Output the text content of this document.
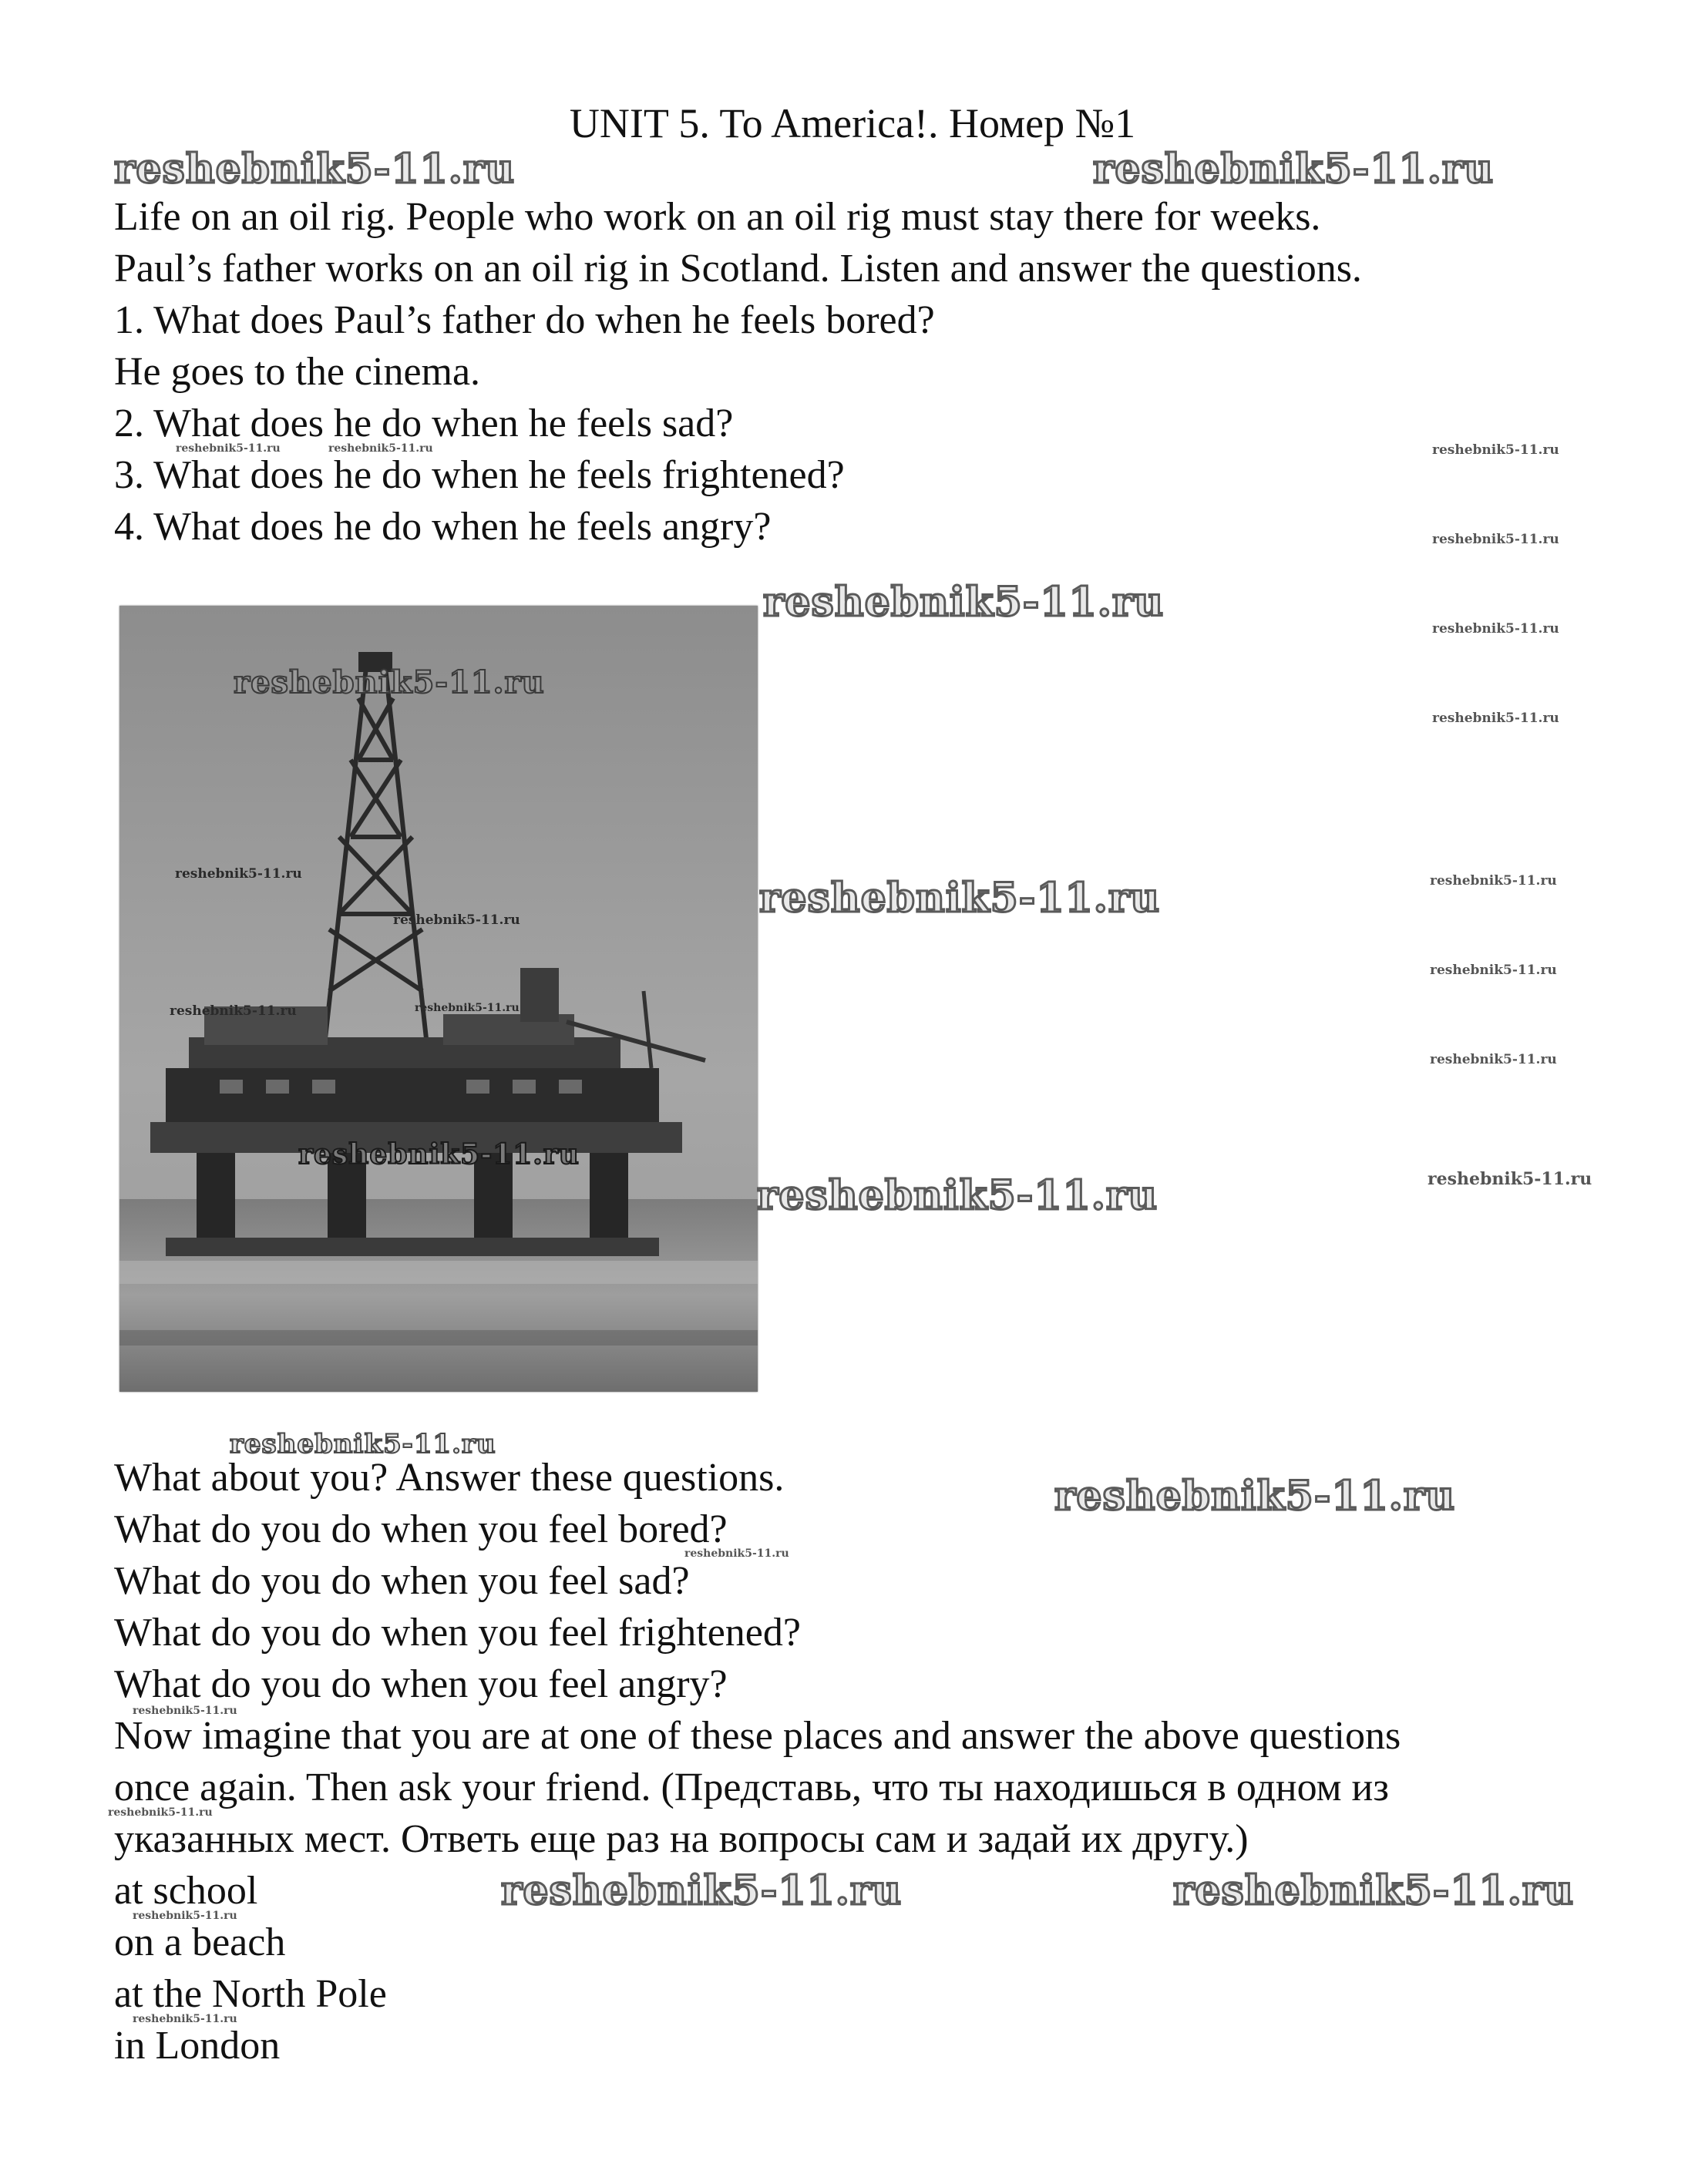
UNIT 5. To America!. Номер №1
reshebnik5-11.ru	reshebnik5-11.ru
Life on an oil rig. People who work on an oil rig must stay there for weeks.
Paul’s father works on an oil rig in Scotland. Listen and answer the questions.
1. What does Paul’s father do when he feels bored?
He goes to the cinema.
2. What does he do when he feels sad?
3. What does he do when he feels frightened?
4. What does he do when he feels angry?
reshebnik5-11.ru	reshebnik5-11.ru	reshebnik5-11.ru
reshebnik5-11.ru
reshebnik5-11.ru
reshebnik5-11.ru
reshebnik5-11.ru
reshebnik5-11.ru
reshebnik5-11.ru
reshebnik5-11.ru
reshebnik5-11.ru
reshebnik5-11.ru
reshebnik5-11.ru
reshebnik5-11.ru	reshebnik5-11.ru
reshebnik5-11.ru
reshebnik5-11.ru
reshebnik5-11.ru
reshebnik5-11.ru
reshebnik5-11.ru
reshebnik5-11.ru
What about you? Answer these questions.
What do you do when you feel bored?
reshebnik5-11.ru
What do you do when you feel sad?
What do you do when you feel frightened?
What do you do when you feel angry?
reshebnik5-11.ru
Now imagine that you are at one of these places and answer the above questions
once again. Then ask your friend. (Представь, что ты находишься в одном из
reshebnik5-11.ru
указанных мест. Ответь еще раз на вопросы сам и задай их другу.)
at school	reshebnik5-11.ru	reshebnik5-11.ru
reshebnik5-11.ru
on a beach
at the North Pole
reshebnik5-11.ru
in London
